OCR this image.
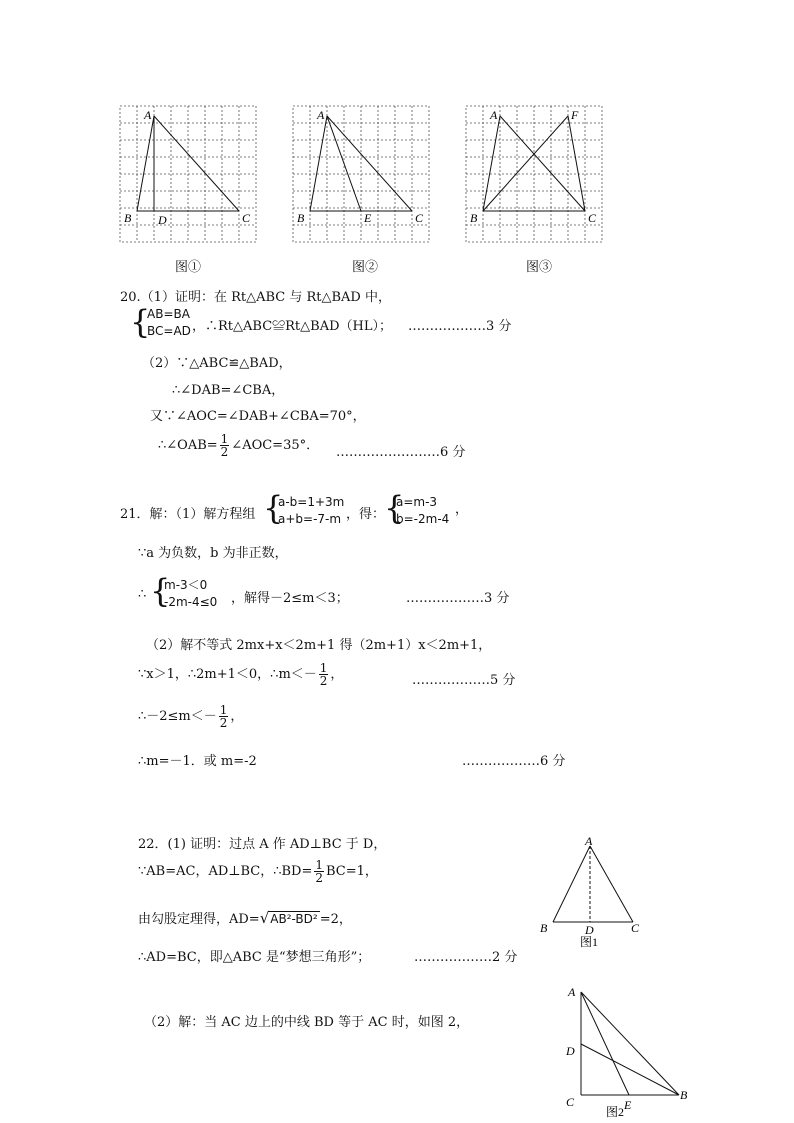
A
B D	C
图①
A
B	E	C
图②
A	F
B	C
图③
20.（1）证明：在 Rt△ABC 与 Rt△BAD 中，
{
AB=BA
BC=AD ，∴Rt△ABC≌Rt△BAD（HL）； ………………3 分
（2）∵△ABC≌△BAD，
∴∠DAB=∠CBA，
又∵∠AOC=∠DAB+∠CBA=70°，
∴∠OAB= $\frac{1}{2}$ ∠AOC=35°． ……………………6 分
21．解：（1）解方程组 {
a-b=1+3m
a+b=-7-m ，得：
{
a=m-3
b=-2m-4
，
∵a 为负数，b 为非正数，
∴ {
m-3＜0
-2m-4≤0 ，解得－2≤m＜3；	………………3 分
（2）解不等式 2mx+x＜2m+1 得（2m+1）x＜2m+1，
∵x＞1，∴2m+1＜0，∴m＜－ $\frac{1}{2}$ ，	………………5 分
∴－2≤m＜－ $\frac{1}{2}$ ，
∴m=－1．或 m=-2	………………6 分
22．(1) 证明：过点 A 作 AD⊥BC 于 D，
∵AB=AC，AD⊥BC，∴BD= $\frac{1}{2} BC=1$，
由勾股定理得，AD=√AB²-BD² =2，
∴AD=BC，即△ABC 是“梦想三角形”；	………………2 分
（2）解：当 AC 边上的中线 BD 等于 AC 时，如图 2，
A
B	D	C
图1
A
D
C	B
E
图2
